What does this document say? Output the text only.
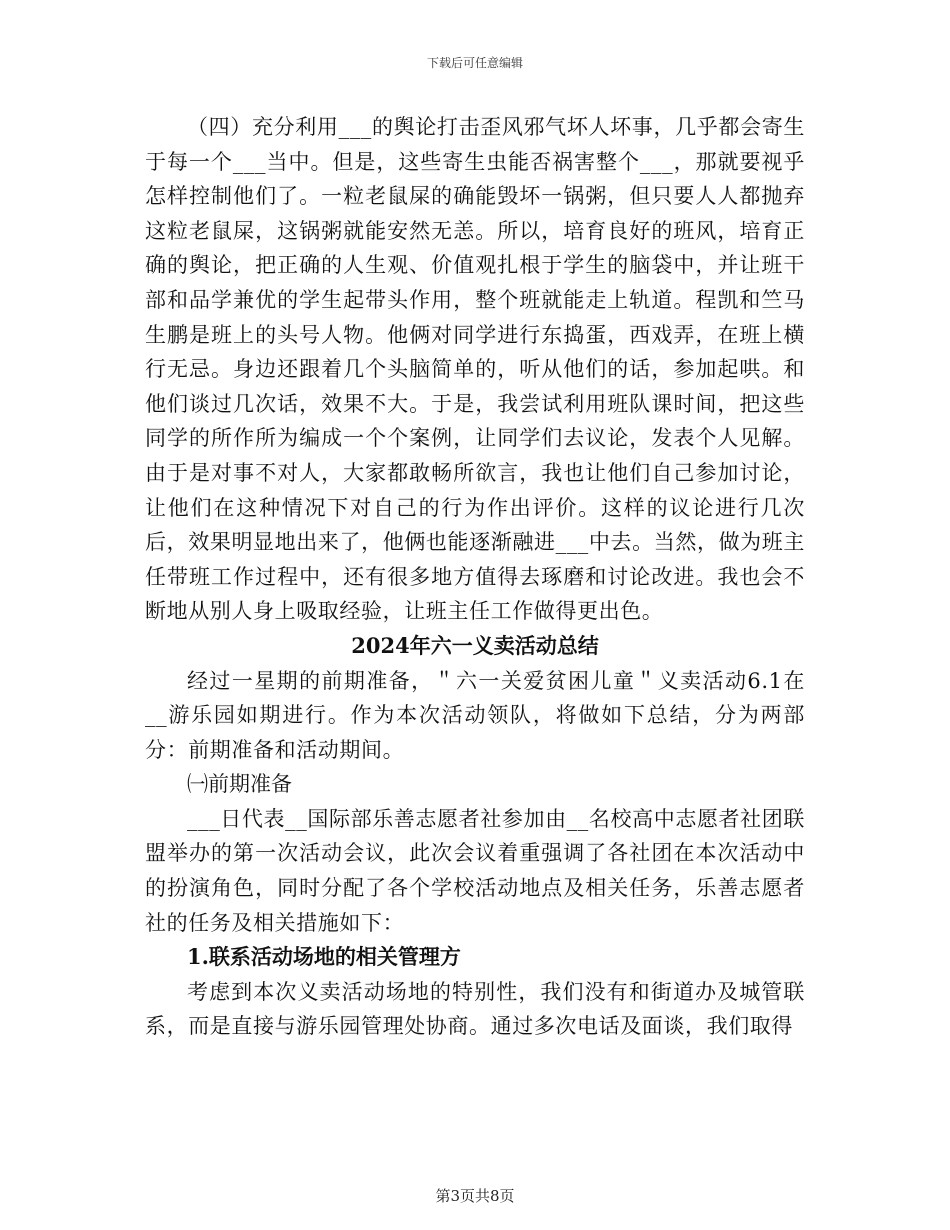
下载后可任意编辑

（四）充分利用___的舆论打击歪风邪气坏人坏事，几乎都会寄生于每一个___当中。但是，这些寄生虫能否祸害整个___，那就要视乎怎样控制他们了。一粒老鼠屎的确能毁坏一锅粥，但只要人人都抛弃这粒老鼠屎，这锅粥就能安然无恙。所以，培育良好的班风，培育正确的舆论，把正确的人生观、价值观扎根于学生的脑袋中，并让班干部和品学兼优的学生起带头作用，整个班就能走上轨道。程凯和竺马生鹏是班上的头号人物。他俩对同学进行东捣蛋，西戏弄，在班上横行无忌。身边还跟着几个头脑简单的，听从他们的话，参加起哄。和他们谈过几次话，效果不大。于是，我尝试利用班队课时间，把这些同学的所作所为编成一个个案例，让同学们去议论，发表个人见解。由于是对事不对人，大家都敢畅所欲言，我也让他们自己参加讨论，让他们在这种情况下对自己的行为作出评价。这样的议论进行几次后，效果明显地出来了，他俩也能逐渐融进___中去。当然，做为班主任带班工作过程中，还有很多地方值得去琢磨和讨论改进。我也会不断地从别人身上吸取经验，让班主任工作做得更出色。

2024年六一义卖活动总结

经过一星期的前期准备，＂六一关爱贫困儿童＂义卖活动6.1在__游乐园如期进行。作为本次活动领队，将做如下总结，分为两部分：前期准备和活动期间。

㈠前期准备

___日代表__国际部乐善志愿者社参加由__名校高中志愿者社团联盟举办的第一次活动会议，此次会议着重强调了各社团在本次活动中的扮演角色，同时分配了各个学校活动地点及相关任务，乐善志愿者社的任务及相关措施如下：

1.联系活动场地的相关管理方

考虑到本次义卖活动场地的特别性，我们没有和街道办及城管联系，而是直接与游乐园管理处协商。通过多次电话及面谈，我们取得

第3页共8页
